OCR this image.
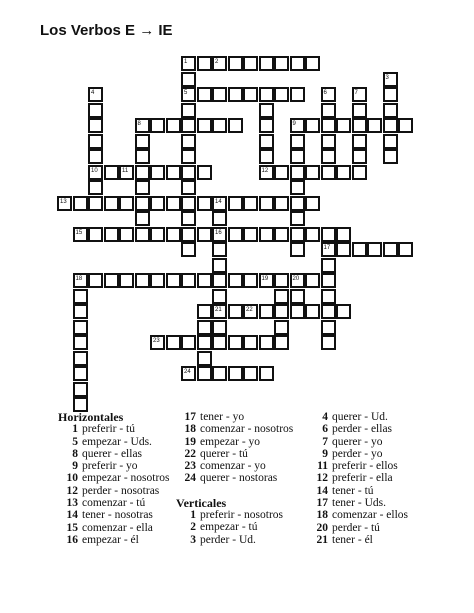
Los Verbos E → IE
1	2
3
4	5	6	7
8	9
10	11	12
13	14
15	16
17
18	19	20
21	22
23
24
Horizontales
1 preferir - tú
5 empezar - Uds.
8 querer - ellas
9 preferir - yo
10 empezar - nosotros
12 perder - nosotras
13 comenzar - tú
14 tener - nosotras
15 comenzar - ella
16 empezar - él
17 tener - yo
18 comenzar - nosotros
19 empezar - yo
22 querer - tú
23 comenzar - yo
24 querer - nostoras
Verticales
1 preferir - nosotros
2 empezar - tú
3 perder - Ud.
4 querer - Ud.
6 perder - ellas
7 querer - yo
9 perder - yo
11 preferir - ellos
12 preferir - ella
14 tener - tú
17 tener - Uds.
18 comenzar - ellos
20 perder - tú
21 tener - él
